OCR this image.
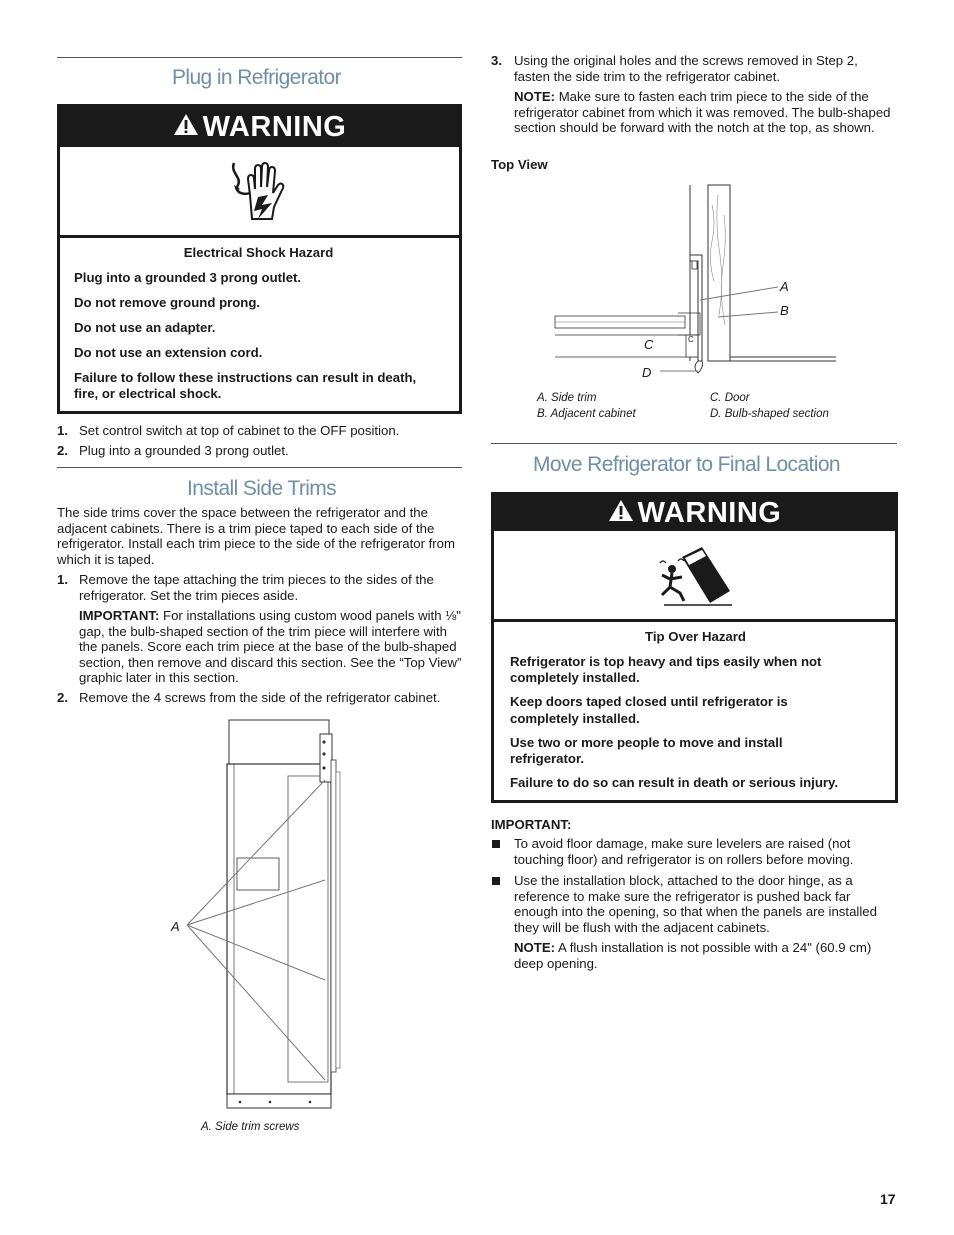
Plug in Refrigerator
WARNING
Electrical Shock Hazard
Plug into a grounded 3 prong outlet.
Do not remove ground prong.
Do not use an adapter.
Do not use an extension cord.
Failure to follow these instructions can result in death, fire, or electrical shock.
1. Set control switch at top of cabinet to the OFF position.
2. Plug into a grounded 3 prong outlet.
Install Side Trims
The side trims cover the space between the refrigerator and the adjacent cabinets. There is a trim piece taped to each side of the refrigerator. Install each trim piece to the side of the refrigerator from which it is taped.
1. Remove the tape attaching the trim pieces to the sides of the refrigerator. Set the trim pieces aside.
IMPORTANT: For installations using custom wood panels with ⅛" gap, the bulb-shaped section of the trim piece will interfere with the panels. Score each trim piece at the base of the bulb-shaped section, then remove and discard this section. See the “Top View” graphic later in this section.
2. Remove the 4 screws from the side of the refrigerator cabinet.
A
A. Side trim screws
3. Using the original holes and the screws removed in Step 2, fasten the side trim to the refrigerator cabinet.
NOTE: Make sure to fasten each trim piece to the side of the refrigerator cabinet from which it was removed. The bulb-shaped section should be forward with the notch at the top, as shown.
Top View
A
B
C	C
D
A. Side trim
B. Adjacent cabinet
C. Door
D. Bulb-shaped section
Move Refrigerator to Final Location
WARNING
Tip Over Hazard
Refrigerator is top heavy and tips easily when not completely installed.
Keep doors taped closed until refrigerator is completely installed.
Use two or more people to move and install refrigerator.
Failure to do so can result in death or serious injury.
IMPORTANT:
To avoid floor damage, make sure levelers are raised (not touching floor) and refrigerator is on rollers before moving.
Use the installation block, attached to the door hinge, as a reference to make sure the refrigerator is pushed back far enough into the opening, so that when the panels are installed they will be flush with the adjacent cabinets.
NOTE: A flush installation is not possible with a 24" (60.9 cm) deep opening.
17
